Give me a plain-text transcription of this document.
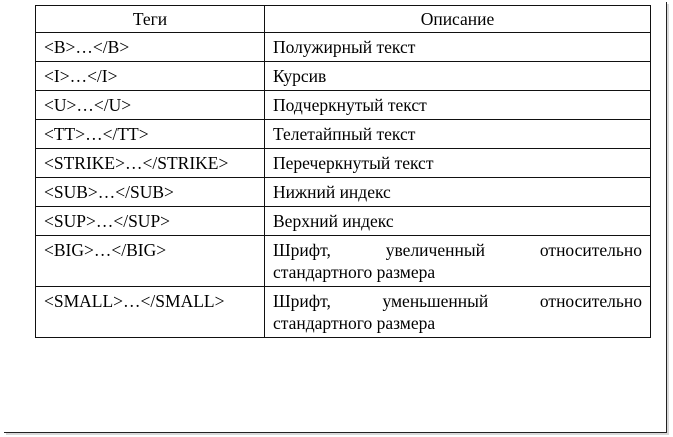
Теги	Описание
<B>…</B>	Полужирный текст
<I>…</I>	Курсив
<U>…</U>	Подчеркнутый текст
<TT>…</TT>	Телетайпный текст
<STRIKE>…</STRIKE>	Перечеркнутый текст
<SUB>…</SUB>	Нижний индекс
<SUP>…</SUP>	Верхний индекс
<BIG>…</BIG>	Шрифт, увеличенный относительно стандартного размера
<SMALL>…</SMALL>	Шрифт, уменьшенный относительно стандартного размера
